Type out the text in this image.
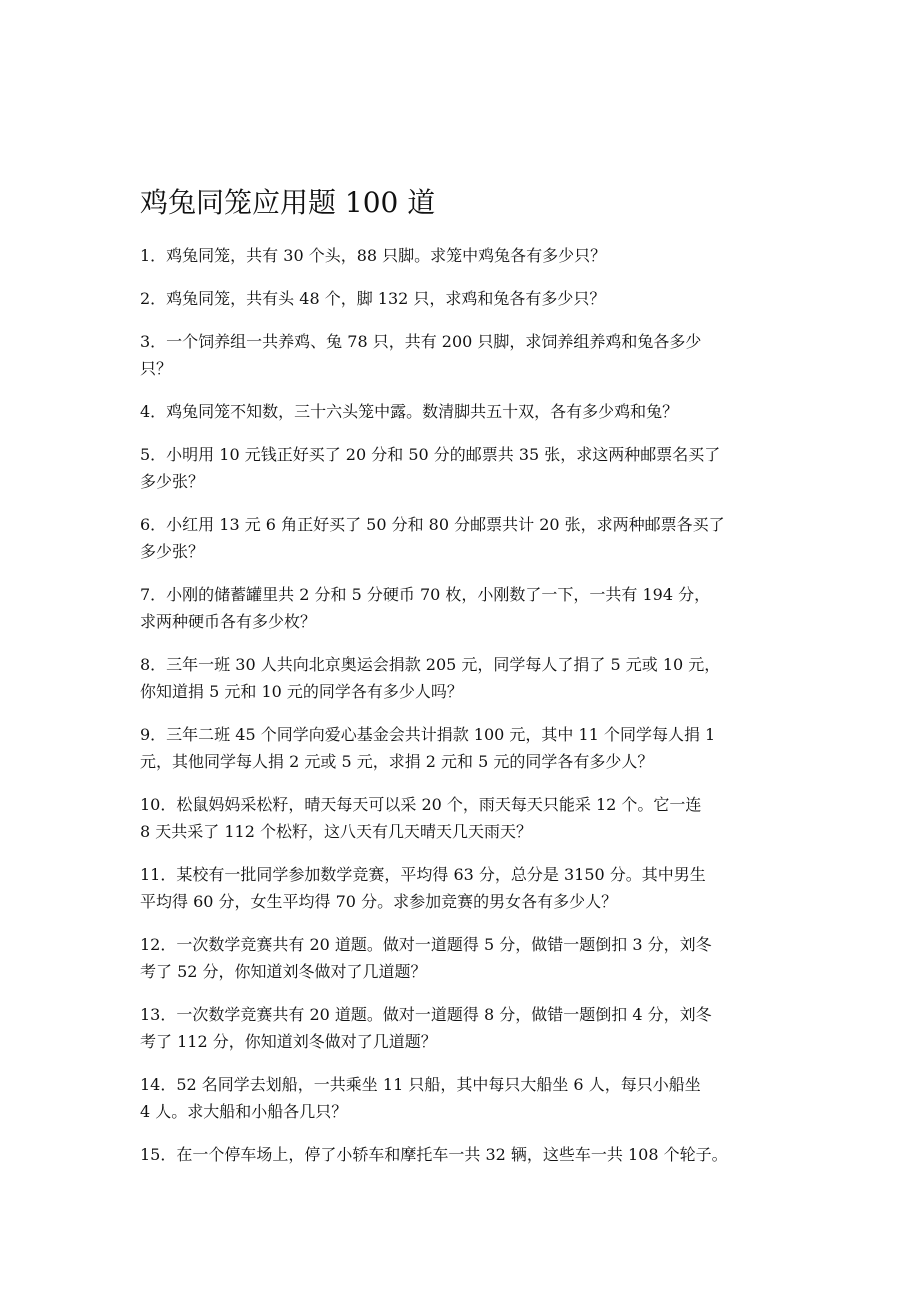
鸡兔同笼应用题 100 道
1．鸡兔同笼，共有 30 个头，88 只脚。求笼中鸡兔各有多少只？
2．鸡兔同笼，共有头 48 个，脚 132 只，求鸡和兔各有多少只？
3．一个饲养组一共养鸡、兔 78 只，共有 200 只脚，求饲养组养鸡和兔各多少
只？
4．鸡兔同笼不知数，三十六头笼中露。数清脚共五十双，各有多少鸡和兔？
5．小明用 10 元钱正好买了 20 分和 50 分的邮票共 35 张，求这两种邮票名买了
多少张？
6．小红用 13 元 6 角正好买了 50 分和 80 分邮票共计 20 张，求两种邮票各买了
多少张？
7．小刚的储蓄罐里共 2 分和 5 分硬币 70 枚，小刚数了一下，一共有 194 分，
求两种硬币各有多少枚？
8．三年一班 30 人共向北京奥运会捐款 205 元，同学每人了捐了 5 元或 10 元，
你知道捐 5 元和 10 元的同学各有多少人吗？
9．三年二班 45 个同学向爱心基金会共计捐款 100 元，其中 11 个同学每人捐 1
元，其他同学每人捐 2 元或 5 元，求捐 2 元和 5 元的同学各有多少人？
10．松鼠妈妈采松籽，晴天每天可以采 20 个，雨天每天只能采 12 个。它一连
8 天共采了 112 个松籽，这八天有几天晴天几天雨天？
11．某校有一批同学参加数学竞赛，平均得 63 分，总分是 3150 分。其中男生
平均得 60 分，女生平均得 70 分。求参加竞赛的男女各有多少人？
12．一次数学竞赛共有 20 道题。做对一道题得 5 分，做错一题倒扣 3 分，刘冬
考了 52 分，你知道刘冬做对了几道题？
13．一次数学竞赛共有 20 道题。做对一道题得 8 分，做错一题倒扣 4 分，刘冬
考了 112 分，你知道刘冬做对了几道题？
14．52 名同学去划船，一共乘坐 11 只船，其中每只大船坐 6 人，每只小船坐
4 人。求大船和小船各几只？
15．在一个停车场上，停了小轿车和摩托车一共 32 辆，这些车一共 108 个轮子。
